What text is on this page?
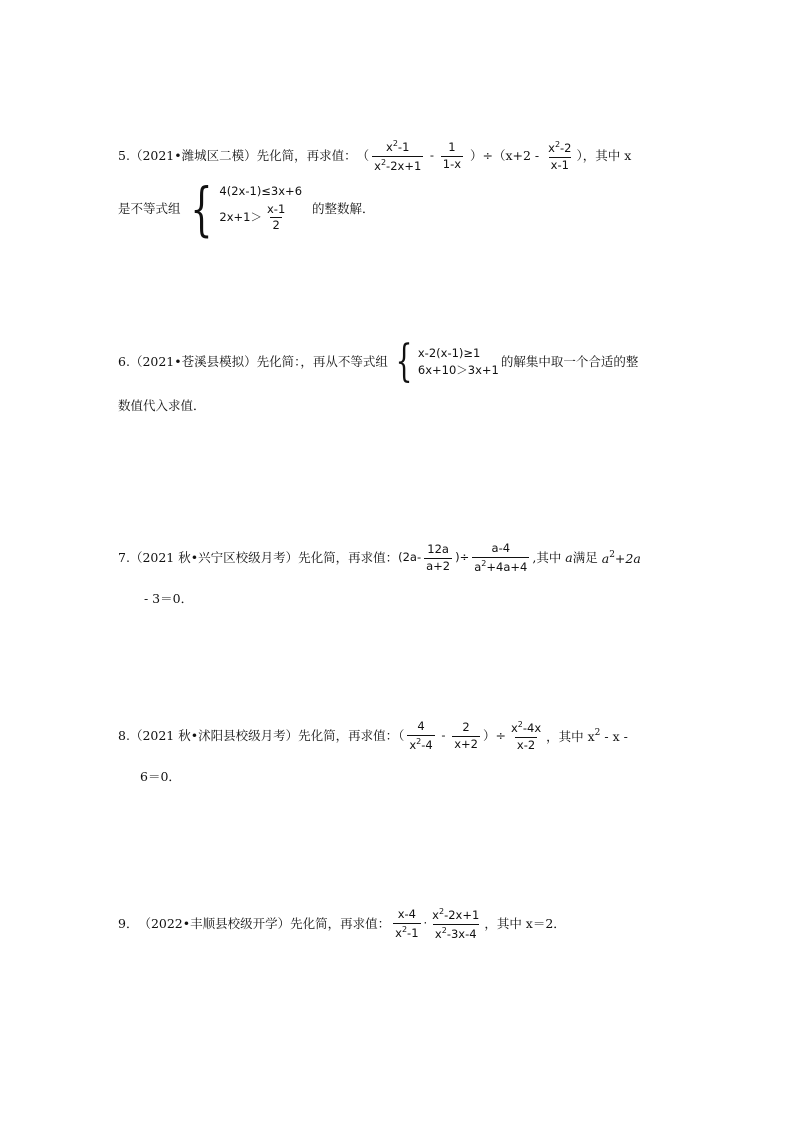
5. （2021•潍城区二模）先化简，再求值： （ $\frac{x^2-1}{x^2-2x+1} - \frac{1}{1-x} )\div(x+2 - \frac{x^2-2}{x-1}$ ），其中 x
是不等式组 { 4(2x-1)≤3x+6
$2x+1> \frac{x-1}{2}$ 的整数解．
6. （2021•苍溪县模拟）先化简：，再从不等式组 { x-2(x-1)≥1
6x+10＞3x+1
的解集中取一个合适的整
数值代入求值．
7. （2021 秋•兴宁区校级月考）先化简，再求值： ($2a- \frac{12a}{a+2}$ )÷ $\frac{a-4}{a^2+4a+4}$ ,其中 a 满足 $a^2+2a$
- 3＝0．
8. （2021 秋•沭阳县校级月考）先化简，再求值：（ $\frac{4}{x^2-4} - \frac{2}{x+2}$ ）÷ $\frac{x^2-4x}{x-2}$ ，其中 $x^2$ - x -
6＝0．
9． （2022•丰顺县校级开学）先化简，再求值： $\frac{x-4}{x^2-1} \cdot \frac{x^2-2x+1}{x^2-3x-4}$ ，其中 x＝2．
